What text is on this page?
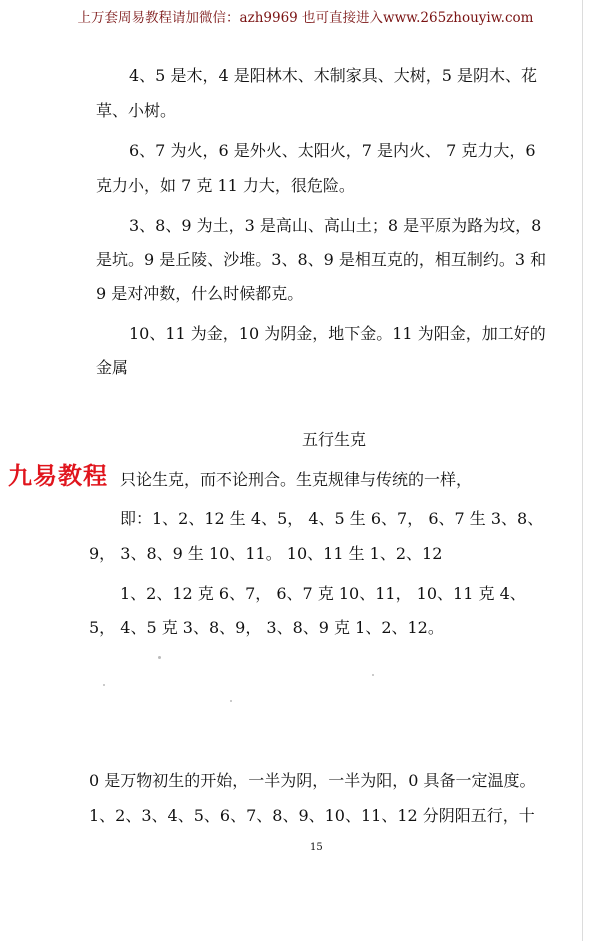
上万套周易教程请加微信：azh9969 也可直接进入www.265zhouyiw.com
4、5 是木，4 是阳林木、木制家具、大树，5 是阴木、花
草、小树。
6、7 为火，6 是外火、太阳火，7 是内火、 7 克力大，6
克力小，如 7 克 11 力大，很危险。
3、8、9 为土，3 是高山、高山土；8 是平原为路为坟，8
是坑。9 是丘陵、沙堆。3、8、9 是相互克的，相互制约。3 和
9 是对冲数，什么时候都克。
10、11 为金，10 为阴金，地下金。11 为阳金，加工好的
金属
五行生克
九易教程 只论生克，而不论刑合。生克规律与传统的一样，
即：1、2、12 生 4、5， 4、5 生 6、7， 6、7 生 3、8、
9， 3、8、9 生 10、11。 10、11 生 1、2、12
1、2、12 克 6、7， 6、7 克 10、11， 10、11 克 4、
5， 4、5 克 3、8、9， 3、8、9 克 1、2、12。
0 是万物初生的开始，一半为阴，一半为阳，0 具备一定温度。
1、2、3、4、5、6、7、8、9、10、11、12 分阴阳五行，十
15
